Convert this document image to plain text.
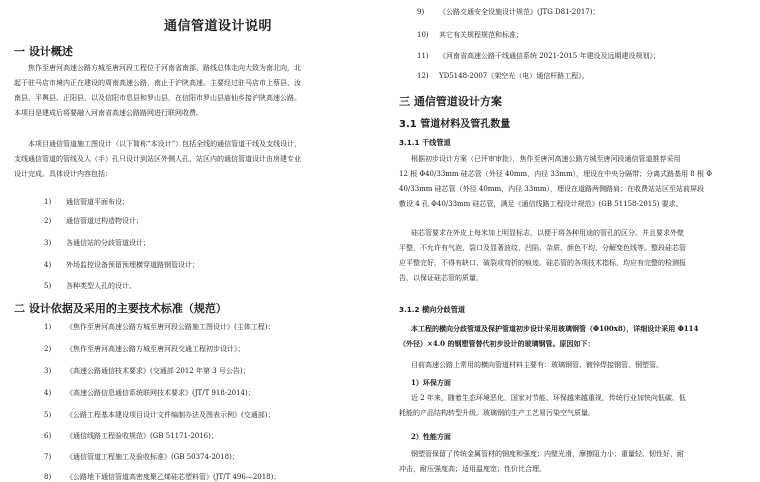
通信管道设计说明
一 设计概述
焦作至唐河高速公路方城至唐河段工程位于河南省南部，路线总体走向大致为南北向，北
起于驻马店市境内正在建设的周南高速公路，南止于沪陕高速。主要经过驻马店市上蔡县、汝
南县、平舆县、正阳县，以及信阳市息县和罗山县，在信阳市罗山县庙仙乡接沪陕高速公路。
本项目是建成后将要融入河南省高速公路路网进行联网收费。
本项目通信管道施工图设计（以下简称“本设计”）包括全线的通信管道干线及支线设计，
支线通信管道的管线及人（手）孔只设计到站区外侧人孔，站区内的通信管道设计由房建专业
设计完成。具体设计内容包括：
1) 通信管道平面布设；
2) 通信管道过构造物设计；
3) 各通信站的分歧管道设计；
4) 外场监控设备预留预埋横穿道路钢管设计；
5) 各种类型人孔的设计。
二 设计依据及采用的主要技术标准（规范）
1) 《焦作至唐河高速公路方城至唐河段公路施工图设计》(主体工程)；
2) 《焦作至唐河高速公路方城至唐河段交通工程初步设计》；
3) 《高速公路通信技术要求》(交通部 2012 年第 3 号公告)；
4) 《高速公路信息通信系统联网技术要求》(JT/T 918-2014)；
5) 《公路工程基本建设项目设计文件编制办法及图表示例》(交通部)；
6) 《通信线路工程验收规范》(GB 51171-2016)；
7) 《通信管道工程施工及验收标准》(GB 50374-2018)；
8) 《公路地下通信管道高密度聚乙烯硅芯塑料管》(JT/T 496—2018)；
9) 《公路交通安全设施设计规范》(JTG D81-2017)；
10) 其它有关规程规范和标准；
11) 《河南省高速公路干线通信系统 2021-2015 年建设及远期建设规划》；
12) YD5148-2007《架空光（电）通信杆路工程》。
三 通信管道设计方案
3.1 管道材料及管孔数量
3.1.1 干线管道
根据初步设计方案（已评审审批），焦作至唐河高速公路方城至唐河段通信管道推荐采用
12 根 Φ40/33mm 硅芯管（外径 40mm，内径 33mm），埋设在中央分隔带；分离式路基用 8 根 Φ
40/33mm 硅芯管（外径 40mm，内径 33mm），埋设在道路两侧路肩；在收费站站区至站前屏段
敷设 4 孔 Φ40/33mm 硅芯管，满足《通信线路工程设计规范》(GB 51158-2015) 要求。
硅芯管要求在外皮上每米加上明显标志，以便于将各种用途的管孔的区分。并且要求外壁
平整，不允许有气泡、裂口及显著波纹、凹陷、杂质、颜色不均、分解变色线等。整段硅芯管
应平整完好，不得有缺口、破裂或弯折的痕迹。硅芯管的各项技术指标，均应有完整的检测报
告，以保证硅芯管的质量。
3.1.2 横向分歧管道
本工程的横向分歧管道及保护管道初步设计采用玻璃钢管（Φ100x8），详细设计采用 Φ114
（外径）×4.0 的钢塑管替代初步设计的玻璃钢管。原因如下：
目前高速公路上常用的横向管道材料主要有：玻璃钢管、镀锌焊接钢管、钢塑管。
1）环保方面
近 2 年来，随着生态环境恶化，国家对节能、环保越来越重视，传统行业加快向低碳、低
耗能的产品结构转型升级。玻璃钢的生产工艺易污染空气质量。
2）性能方面
钢塑管保留了传统金属管材的钢度和强度；内壁光滑，摩擦阻力小；重量轻、韧性好，耐
冲击，耐压强度高；适用温度宽；性价比合理。
